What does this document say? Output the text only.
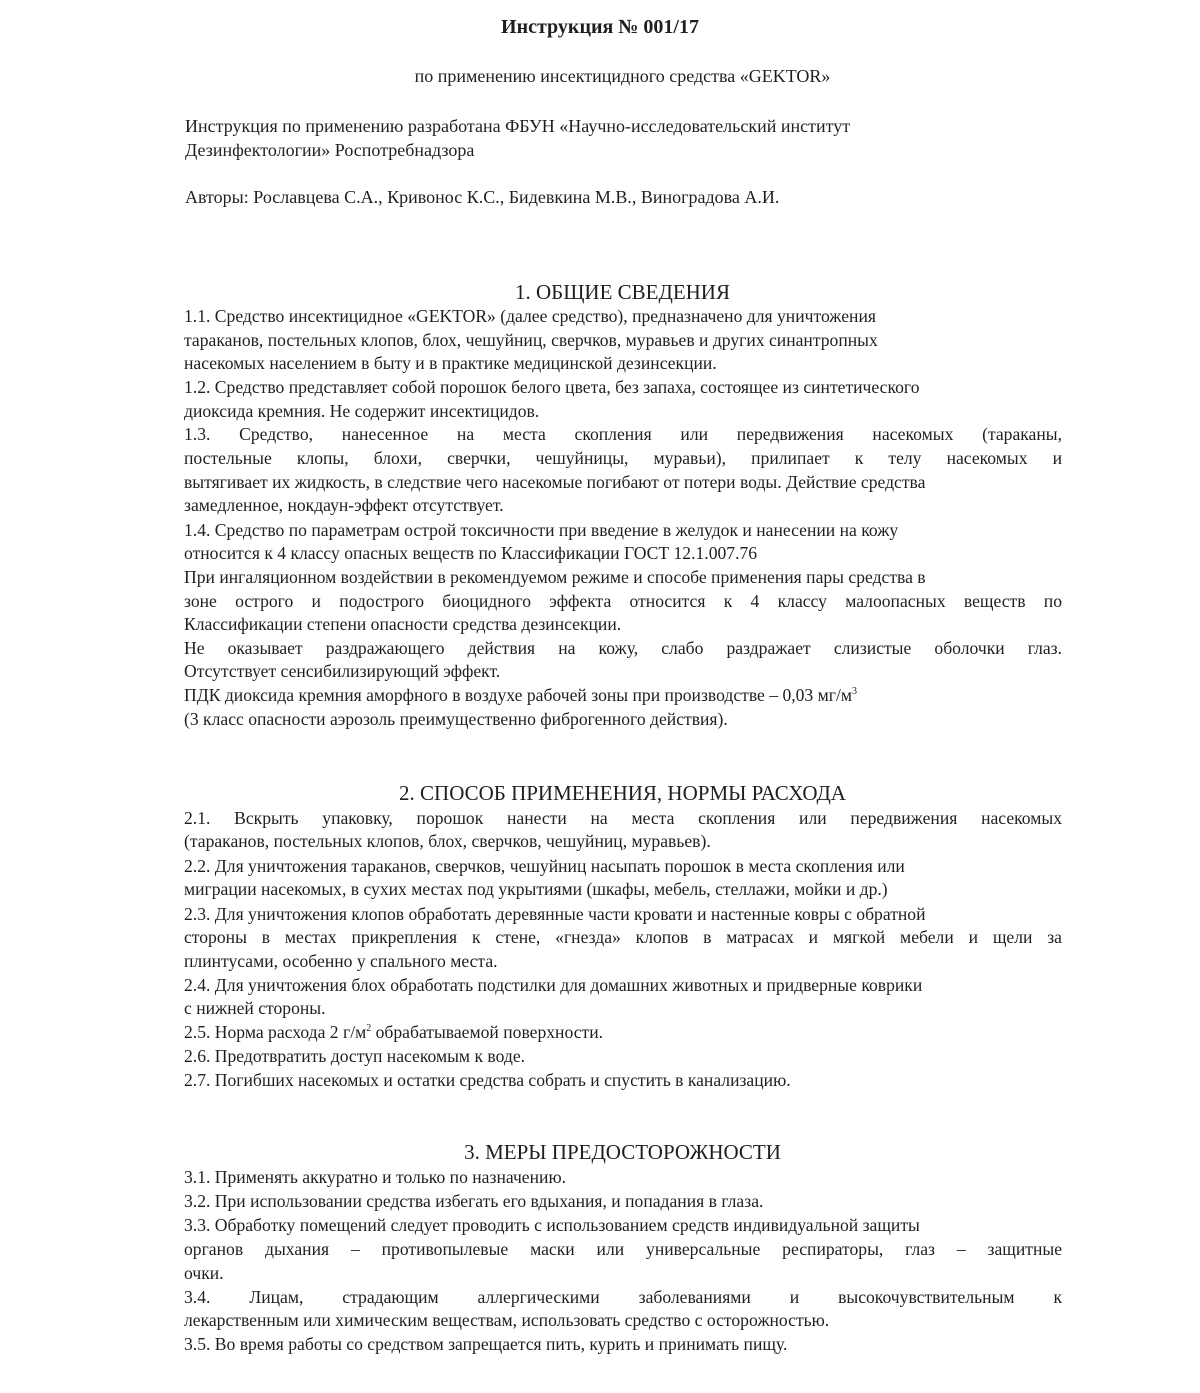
Инструкция № 001/17
по применению инсектицидного средства «GEKTOR»
Инструкция по применению разработана ФБУН «Научно-исследовательский институт
Дезинфектологии» Роспотребнадзора
Авторы: Рославцева С.А., Кривонос К.С., Бидевкина М.В., Виноградова А.И.
1. ОБЩИЕ СВЕДЕНИЯ
1.1. Средство инсектицидное «GEKTOR» (далее средство), предназначено для уничтожения
тараканов, постельных клопов, блох, чешуйниц, сверчков, муравьев и других синантропных
насекомых населением в быту и в практике медицинской дезинсекции.
1.2. Средство представляет собой порошок белого цвета, без запаха, состоящее из синтетического
диоксида кремния. Не содержит инсектицидов.
1.3. Средство, нанесенное на места скопления или передвижения насекомых (тараканы,
постельные клопы, блохи, сверчки, чешуйницы, муравьи), прилипает к телу насекомых и
вытягивает их жидкость, в следствие чего насекомые погибают от потери воды. Действие средства
замедленное, нокдаун-эффект отсутствует.
1.4. Средство по параметрам острой токсичности при введение в желудок и нанесении на кожу
относится к 4 классу опасных веществ по Классификации ГОСТ 12.1.007.76
При ингаляционном воздействии в рекомендуемом режиме и способе применения пары средства в
зоне острого и подострого биоцидного эффекта относится к 4 классу малоопасных веществ по
Классификации степени опасности средства дезинсекции.
Не оказывает раздражающего действия на кожу, слабо раздражает слизистые оболочки глаз.
Отсутствует сенсибилизирующий эффект.
ПДК диоксида кремния аморфного в воздухе рабочей зоны при производстве – 0,03 $мг/м^3$
(3 класс опасности аэрозоль преимущественно фиброгенного действия).
2. СПОСОБ ПРИМЕНЕНИЯ, НОРМЫ РАСХОДА
2.1. Вскрыть упаковку, порошок нанести на места скопления или передвижения насекомых
(тараканов, постельных клопов, блох, сверчков, чешуйниц, муравьев).
2.2. Для уничтожения тараканов, сверчков, чешуйниц насыпать порошок в места скопления или
миграции насекомых, в сухих местах под укрытиями (шкафы, мебель, стеллажи, мойки и др.)
2.3. Для уничтожения клопов обработать деревянные части кровати и настенные ковры с обратной
стороны в местах прикрепления к стене, «гнезда» клопов в матрасах и мягкой мебели и щели за
плинтусами, особенно у спального места.
2.4. Для уничтожения блох обработать подстилки для домашних животных и придверные коврики
с нижней стороны.
2.5. Норма расхода 2 $г/м^2$ обрабатываемой поверхности.
2.6. Предотвратить доступ насекомым к воде.
2.7. Погибших насекомых и остатки средства собрать и спустить в канализацию.
3. МЕРЫ ПРЕДОСТОРОЖНОСТИ
3.1. Применять аккуратно и только по назначению.
3.2. При использовании средства избегать его вдыхания, и попадания в глаза.
3.3. Обработку помещений следует проводить с использованием средств индивидуальной защиты
органов дыхания – противопылевые маски или универсальные респираторы, глаз – защитные
очки.
3.4. Лицам, страдающим аллергическими заболеваниями и высокочувствительным к
лекарственным или химическим веществам, использовать средство с осторожностью.
3.5. Во время работы со средством запрещается пить, курить и принимать пищу.
